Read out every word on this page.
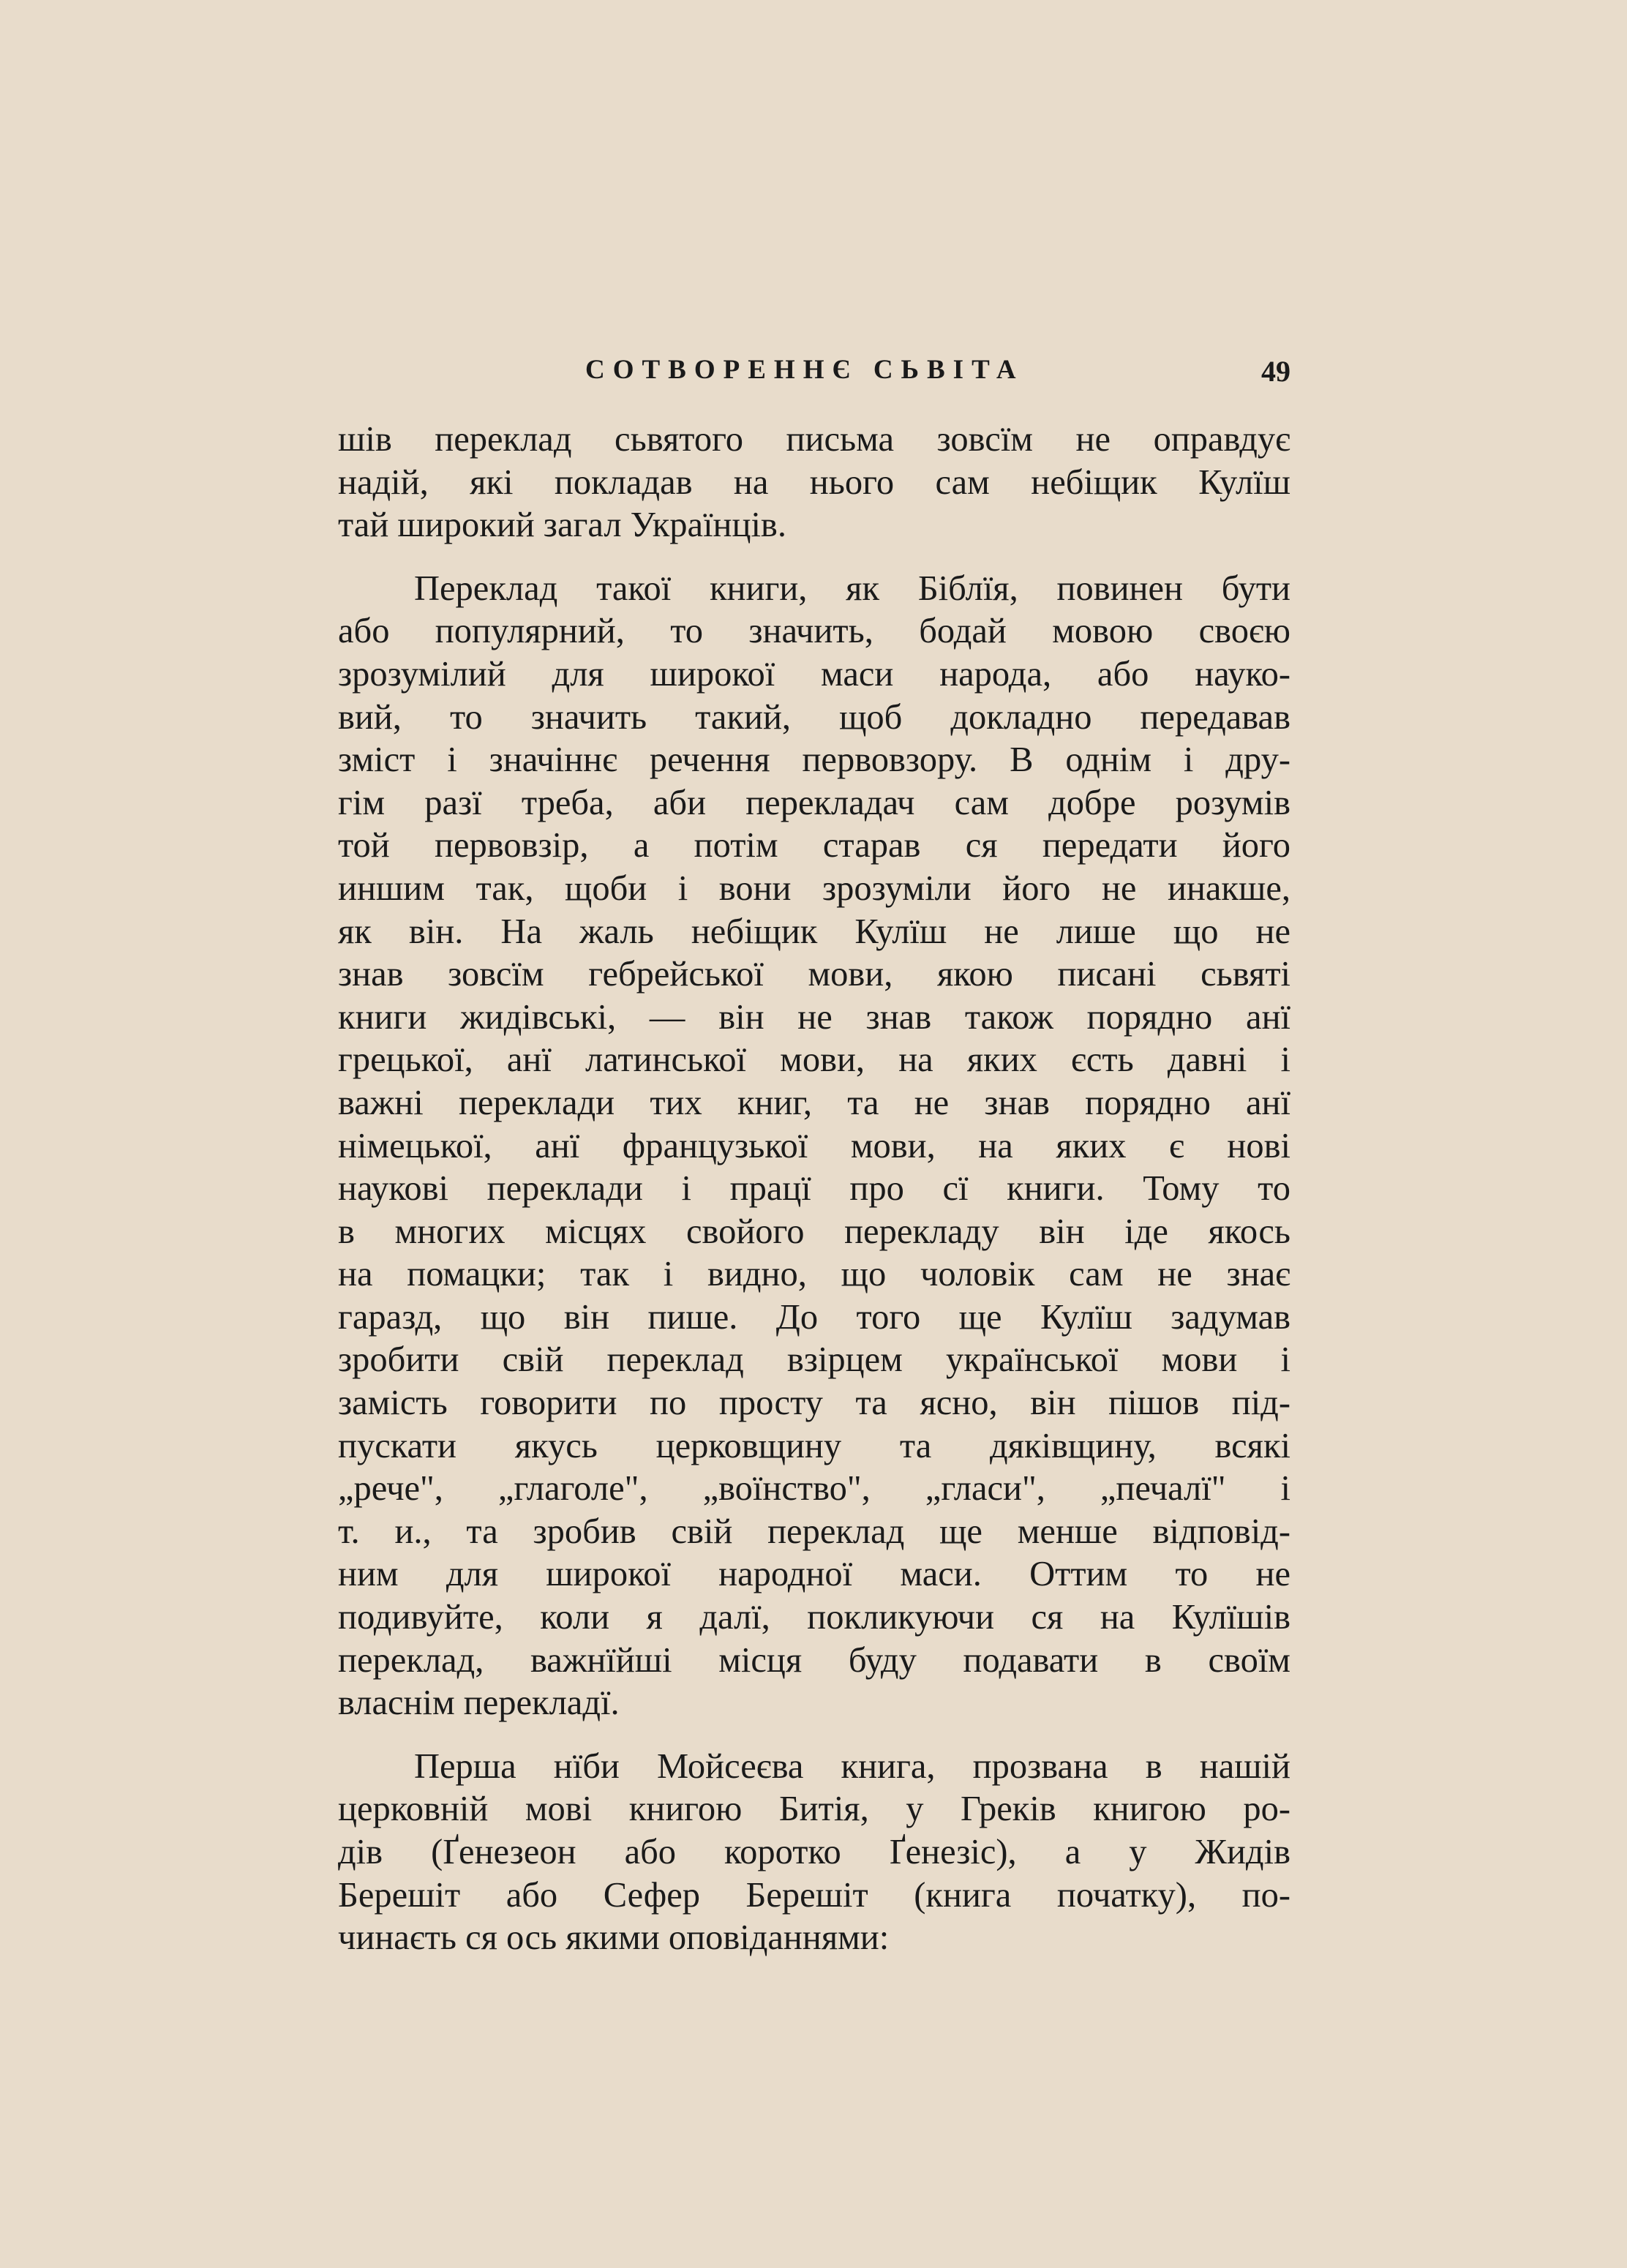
СОТВОРЕННЄ СЬВІТА	49

шів переклад сьвятого письма зовсїм не оправдує
надій, які покладав на нього сам небіщик Кулїш
тай широкий загал Українців.

Переклад такої книги, як Біблїя, повинен бути
або популярний, то значить, бодай мовою своєю
зрозумілий для широкої маси народа, або науко-
вий, то значить такий, щоб докладно передавав
зміст і значіннє речення первовзору. В однім і дру-
гім разї треба, аби перекладач сам добре розумів
той первовзір, а потім старав ся передати його
иншим так, щоби і вони зрозуміли його не инакше,
як він. На жаль небіщик Кулїш не лише що не
знав зовсїм гебрейської мови, якою писані сьвяті
книги жидівські, — він не знав також порядно анї
грецької, анї латинської мови, на яких єсть давні і
важні переклади тих книг, та не знав порядно анї
німецької, анї французької мови, на яких є нові
наукові переклади і працї про сї книги. Тому то
в многих місцях свойого перекладу він іде якось
на помацки; так і видно, що чоловік сам не знає
гаразд, що він пише. До того ще Кулїш задумав
зробити свій переклад взірцем української мови і
замість говорити по просту та ясно, він пішов під-
пускати якусь церковщину та дяківщину, всякі
„рече", „глаголе", „воїнство", „гласи", „печалї" і
т. и., та зробив свій переклад ще менше відповід-
ним для широкої народної маси. Оттим то не
подивуйте, коли я далї, покликуючи ся на Кулїшів
переклад, важнїйші місця буду подавати в своїм
власнім перекладї.

Перша нїби Мойсеєва книга, прозвана в нашій
церковній мові книгою Битія, у Греків книгою ро-
дів (Ґенезеон або коротко Ґенезіс), а у Жидів
Берешіт або Сефер Берешіт (книга початку), по-
чинаєть ся ось якими оповіданнями:
